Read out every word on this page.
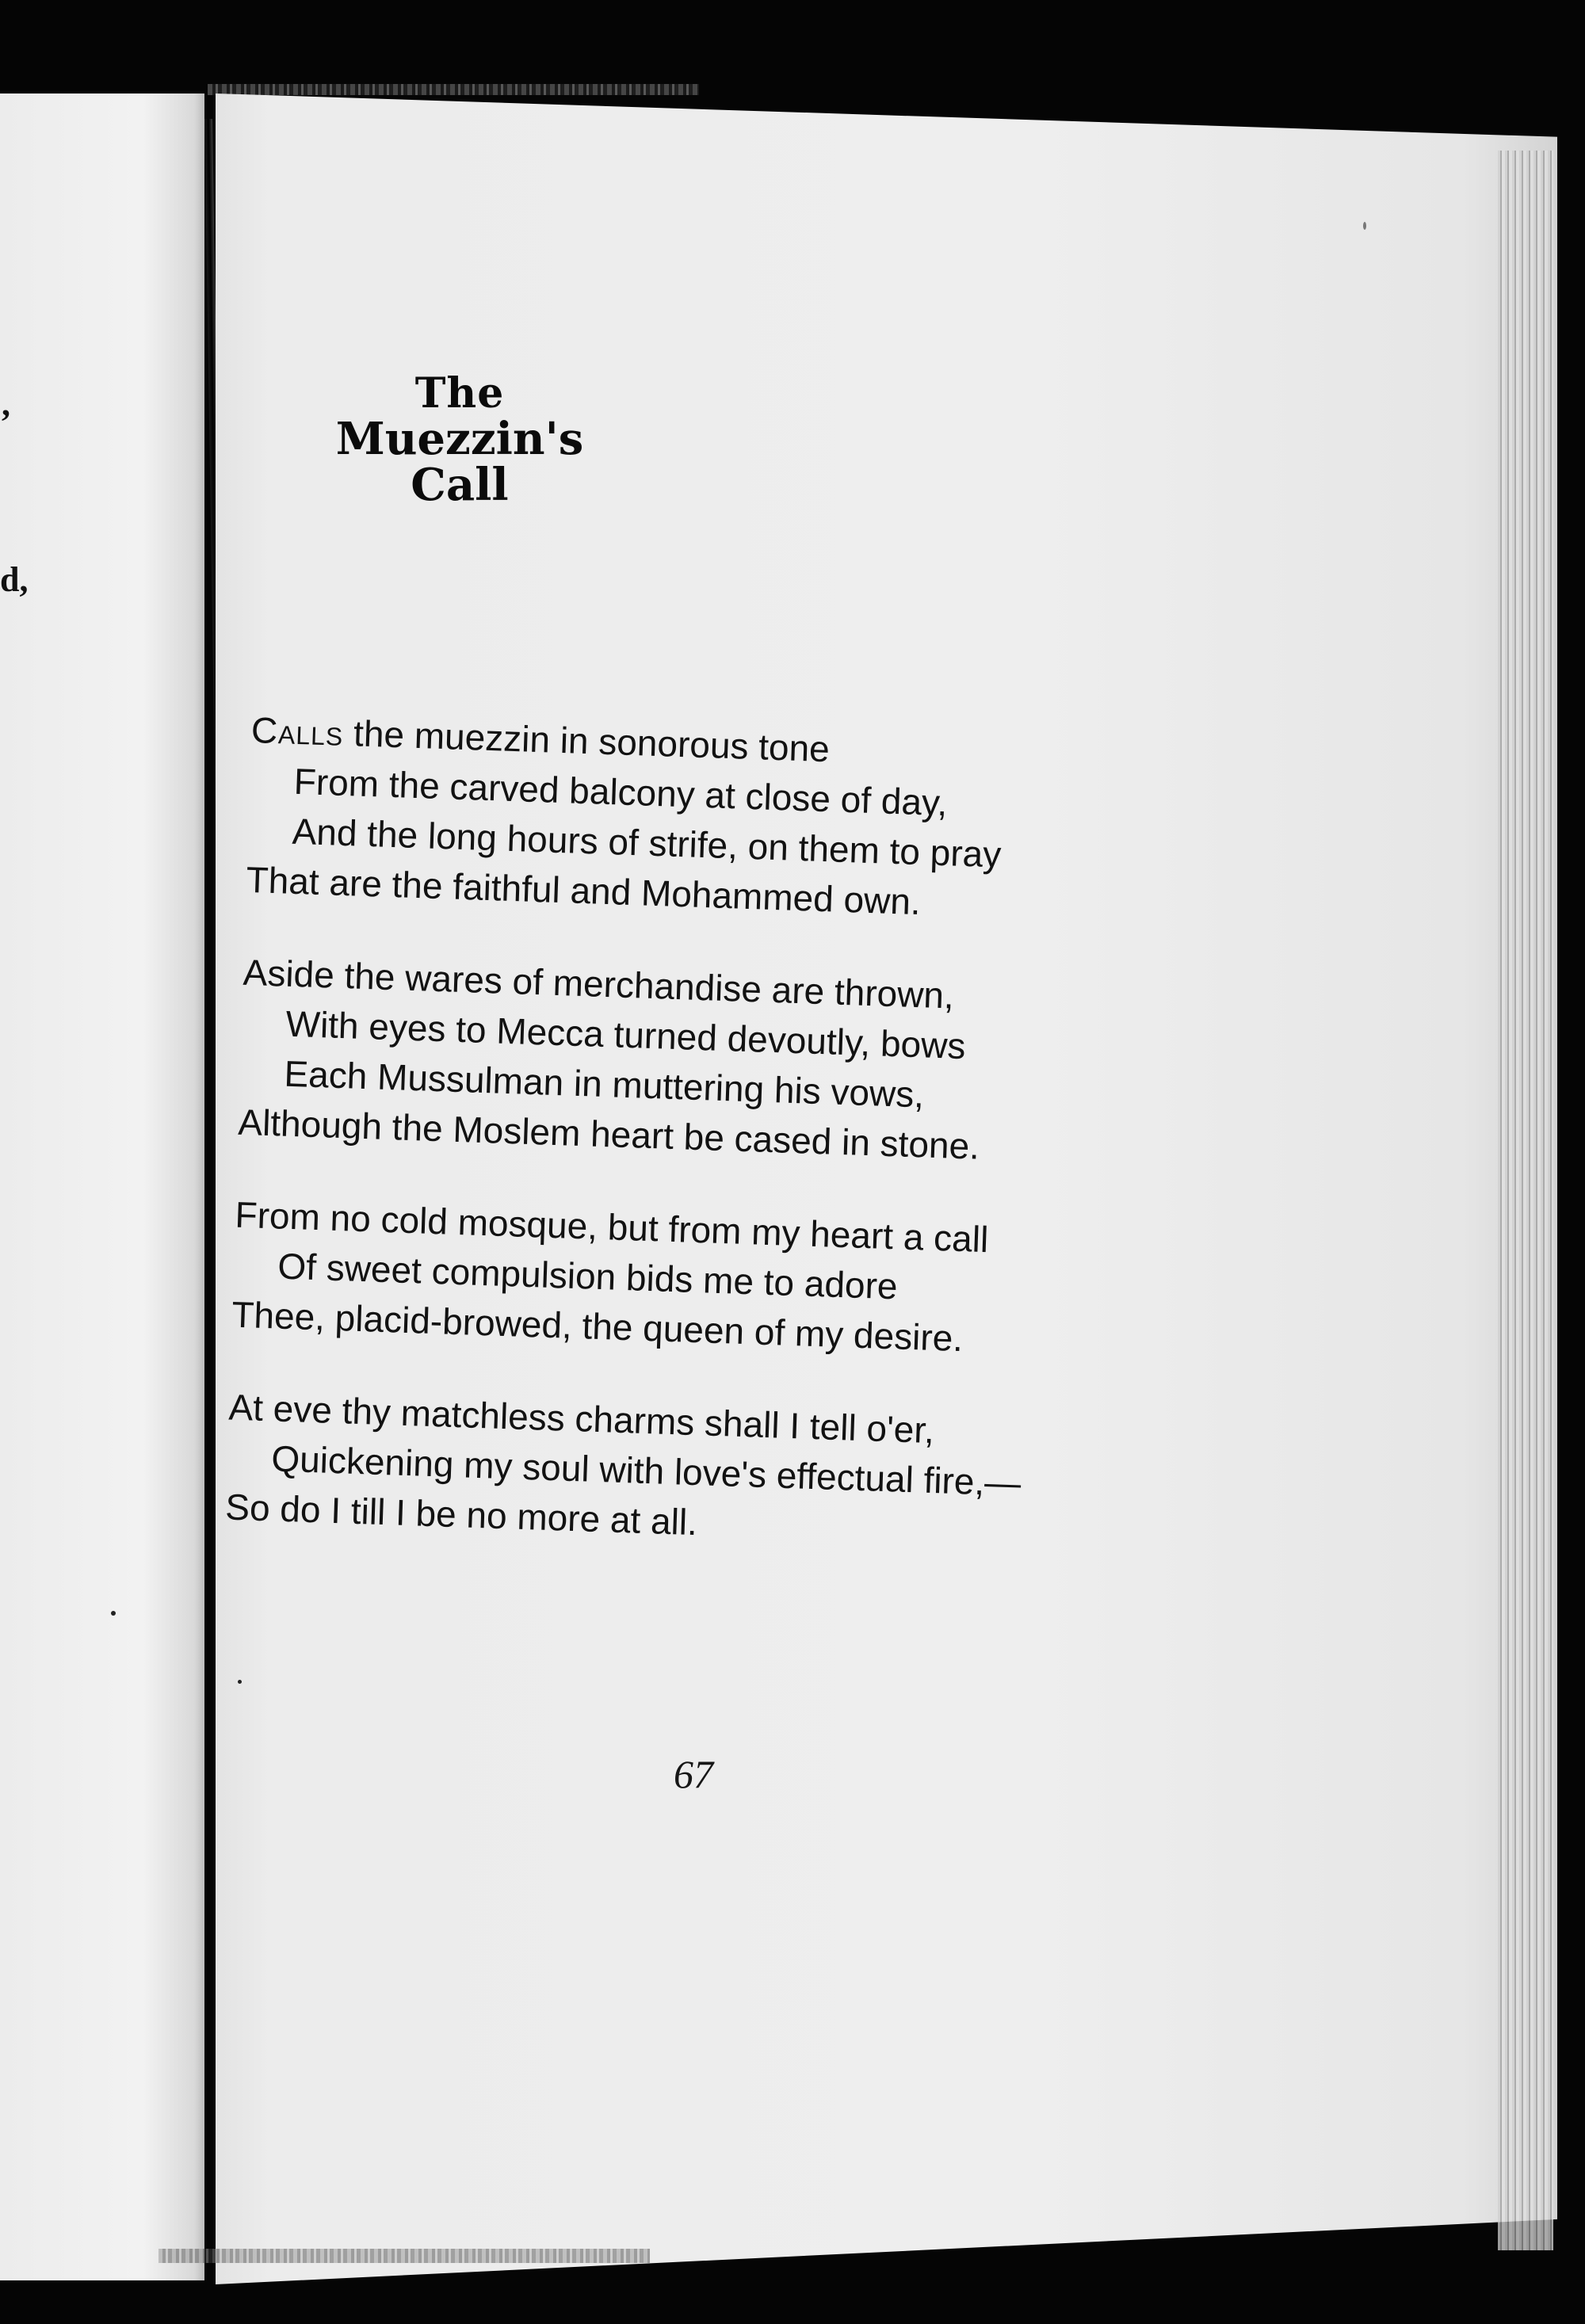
,
d,
The
Muezzin's Call
Calls the muezzin in sonorous tone
From the carved balcony at close of day,
And the long hours of strife, on them to pray
That are the faithful and Mohammed own.
Aside the wares of merchandise are thrown,
With eyes to Mecca turned devoutly, bows
Each Mussulman in muttering his vows,
Although the Moslem heart be cased in stone.
From no cold mosque, but from my heart a call
Of sweet compulsion bids me to adore
Thee, placid-browed, the queen of my desire.
At eve thy matchless charms shall I tell o'er,
Quickening my soul with love's effectual fire,—
So do I till I be no more at all.
67
